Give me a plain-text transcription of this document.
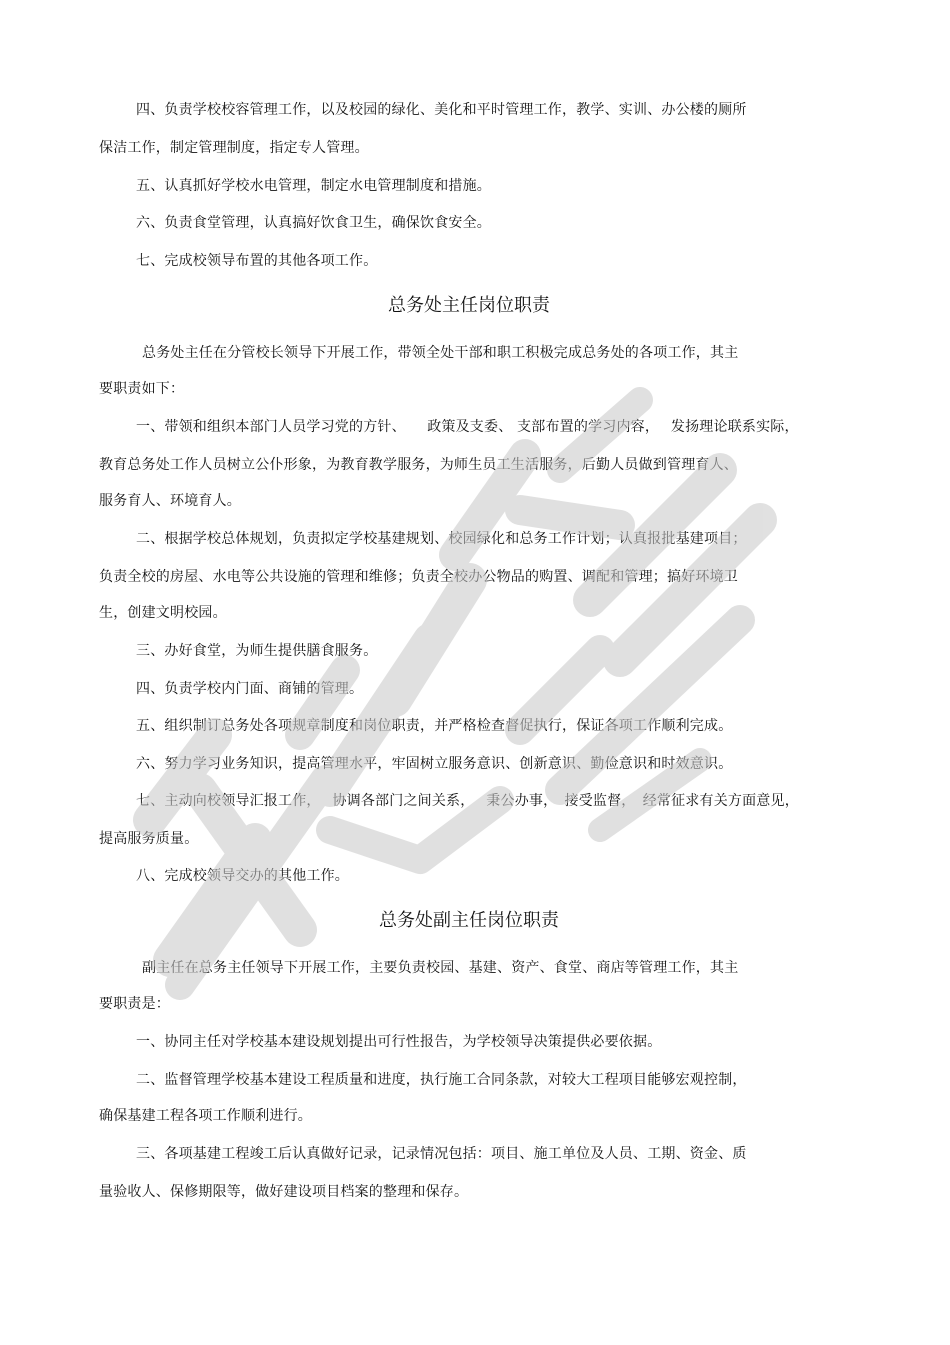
四、负责学校校容管理工作，以及校园的绿化、美化和平时管理工作，教学、实训、办公楼的厕所
保洁工作，制定管理制度，指定专人管理。
五、认真抓好学校水电管理，制定水电管理制度和措施。
六、负责食堂管理，认真搞好饮食卫生，确保饮食安全。
七、完成校领导布置的其他各项工作。
总务处主任岗位职责
总务处主任在分管校长领导下开展工作，带领全处干部和职工积极完成总务处的各项工作，其主
要职责如下：
一、带领和组织本部门人员学习党的方针、　　政策及支委、 支部布置的学习内容，　 发扬理论联系实际，
教育总务处工作人员树立公仆形象，为教育教学服务，为师生员工生活服务，后勤人员做到管理育人、
服务育人、环境育人。
二、根据学校总体规划，负责拟定学校基建规划、校园绿化和总务工作计划；认真报批基建项目；
负责全校的房屋、水电等公共设施的管理和维修；负责全校办公物品的购置、调配和管理；搞好环境卫
生，创建文明校园。
三、办好食堂，为师生提供膳食服务。
四、负责学校内门面、商铺的管理。
五、组织制订总务处各项规章制度和岗位职责，并严格检查督促执行，保证各项工作顺利完成。
六、努力学习业务知识，提高管理水平，牢固树立服务意识、创新意识、勤俭意识和时效意识。
七、主动向校领导汇报工作，　 协调各部门之间关系，　 秉公办事，　接受监督，　经常征求有关方面意见，
提高服务质量。
八、完成校领导交办的其他工作。
总务处副主任岗位职责
副主任在总务主任领导下开展工作，主要负责校园、基建、资产、食堂、商店等管理工作，其主
要职责是：
一、协同主任对学校基本建设规划提出可行性报告，为学校领导决策提供必要依据。
二、监督管理学校基本建设工程质量和进度，执行施工合同条款，对较大工程项目能够宏观控制，
确保基建工程各项工作顺利进行。
三、各项基建工程竣工后认真做好记录，记录情况包括：项目、施工单位及人员、工期、资金、质
量验收人、保修期限等，做好建设项目档案的整理和保存。
